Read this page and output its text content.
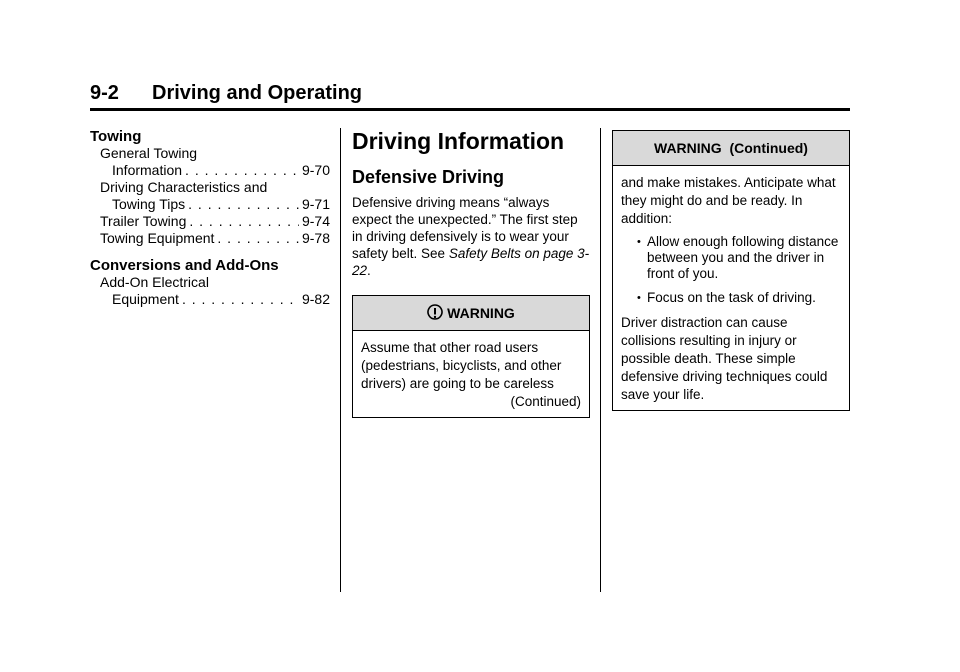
9-2 Driving and Operating
Towing
General Towing
Information . . .	9-70
Driving Characteristics and
Towing Tips . . .	9-71
Trailer Towing . . .	9-74
Towing Equipment . . .	9-78
Conversions and Add-Ons
Add-On Electrical
Equipment . . .	9-82
Driving Information
Defensive Driving

Defensive driving means “always expect the unexpected.” The first step in driving defensively is to wear your safety belt. See Safety Belts on page 3-22.

WARNING
Assume that other road users (pedestrians, bicyclists, and other drivers) are going to be careless
(Continued)
WARNING  (Continued)

and make mistakes. Anticipate what they might do and be ready. In addition:

• Allow enough following distance between you and the driver in front of you.
• Focus on the task of driving.

Driver distraction can cause collisions resulting in injury or possible death. These simple defensive driving techniques could save your life.
